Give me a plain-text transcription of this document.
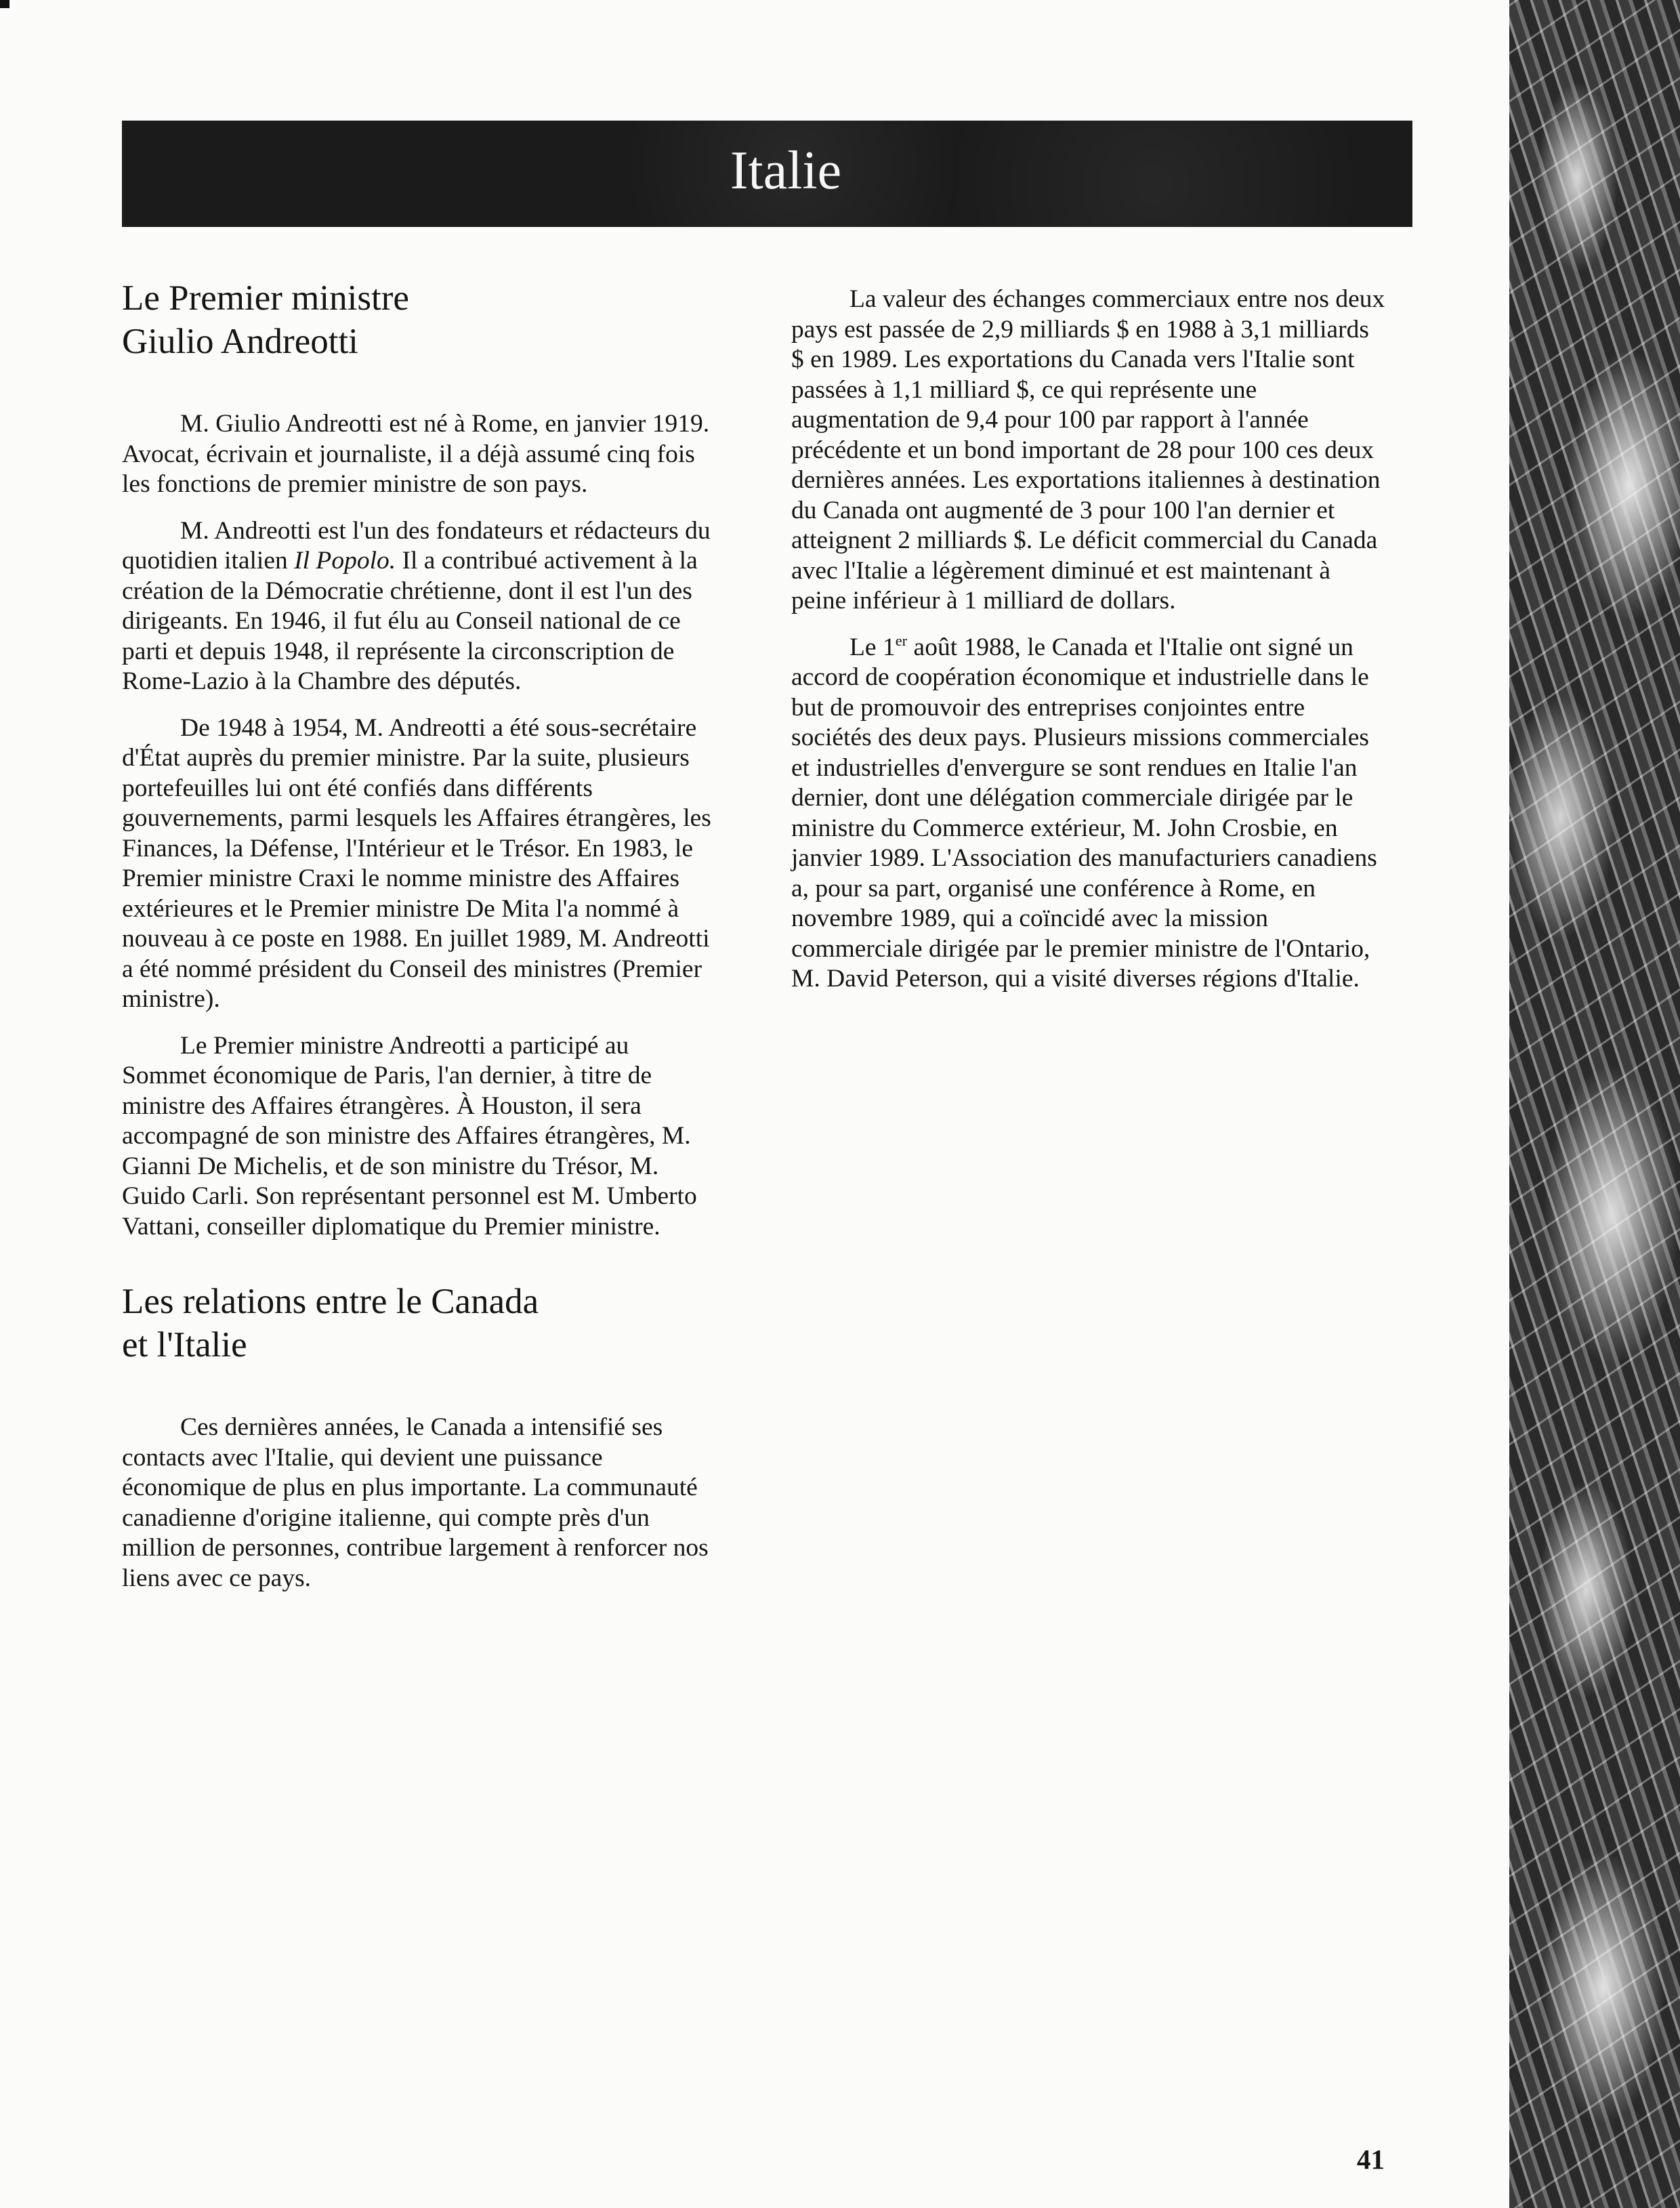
Italie
Le Premier ministre
Giulio Andreotti

M. Giulio Andreotti est né à Rome, en janvier 1919. Avocat, écrivain et journaliste, il a déjà assumé cinq fois les fonctions de premier ministre de son pays.

M. Andreotti est l'un des fondateurs et rédacteurs du quotidien italien Il Popolo. Il a contribué activement à la création de la Démocratie chrétienne, dont il est l'un des dirigeants. En 1946, il fut élu au Conseil national de ce parti et depuis 1948, il représente la circonscription de Rome-Lazio à la Chambre des députés.

De 1948 à 1954, M. Andreotti a été sous-secrétaire d'État auprès du premier ministre. Par la suite, plusieurs portefeuilles lui ont été confiés dans différents gouvernements, parmi lesquels les Affaires étrangères, les Finances, la Défense, l'Intérieur et le Trésor. En 1983, le Premier ministre Craxi le nomme ministre des Affaires extérieures et le Premier ministre De Mita l'a nommé à nouveau à ce poste en 1988. En juillet 1989, M. Andreotti a été nommé président du Conseil des ministres (Premier ministre).

Le Premier ministre Andreotti a participé au Sommet économique de Paris, l'an dernier, à titre de ministre des Affaires étrangères. À Houston, il sera accompagné de son ministre des Affaires étrangères, M. Gianni De Michelis, et de son ministre du Trésor, M. Guido Carli. Son représentant personnel est M. Umberto Vattani, conseiller diplomatique du Premier ministre.

Les relations entre le Canada
et l'Italie

Ces dernières années, le Canada a intensifié ses contacts avec l'Italie, qui devient une puissance économique de plus en plus importante. La communauté canadienne d'origine italienne, qui compte près d'un million de personnes, contribue largement à renforcer nos liens avec ce pays.

La valeur des échanges commerciaux entre nos deux pays est passée de 2,9 milliards $ en 1988 à 3,1 milliards $ en 1989. Les exportations du Canada vers l'Italie sont passées à 1,1 milliard $, ce qui représente une augmentation de 9,4 pour 100 par rapport à l'année précédente et un bond important de 28 pour 100 ces deux dernières années. Les exportations italiennes à destination du Canada ont augmenté de 3 pour 100 l'an dernier et atteignent 2 milliards $. Le déficit commercial du Canada avec l'Italie a légèrement diminué et est maintenant à peine inférieur à 1 milliard de dollars.

Le 1er août 1988, le Canada et l'Italie ont signé un accord de coopération économique et industrielle dans le but de promouvoir des entreprises conjointes entre sociétés des deux pays. Plusieurs missions commerciales et industrielles d'envergure se sont rendues en Italie l'an dernier, dont une délégation commerciale dirigée par le ministre du Commerce extérieur, M. John Crosbie, en janvier 1989. L'Association des manufacturiers canadiens a, pour sa part, organisé une conférence à Rome, en novembre 1989, qui a coïncidé avec la mission commerciale dirigée par le premier ministre de l'Ontario, M. David Peterson, qui a visité diverses régions d'Italie.

41
